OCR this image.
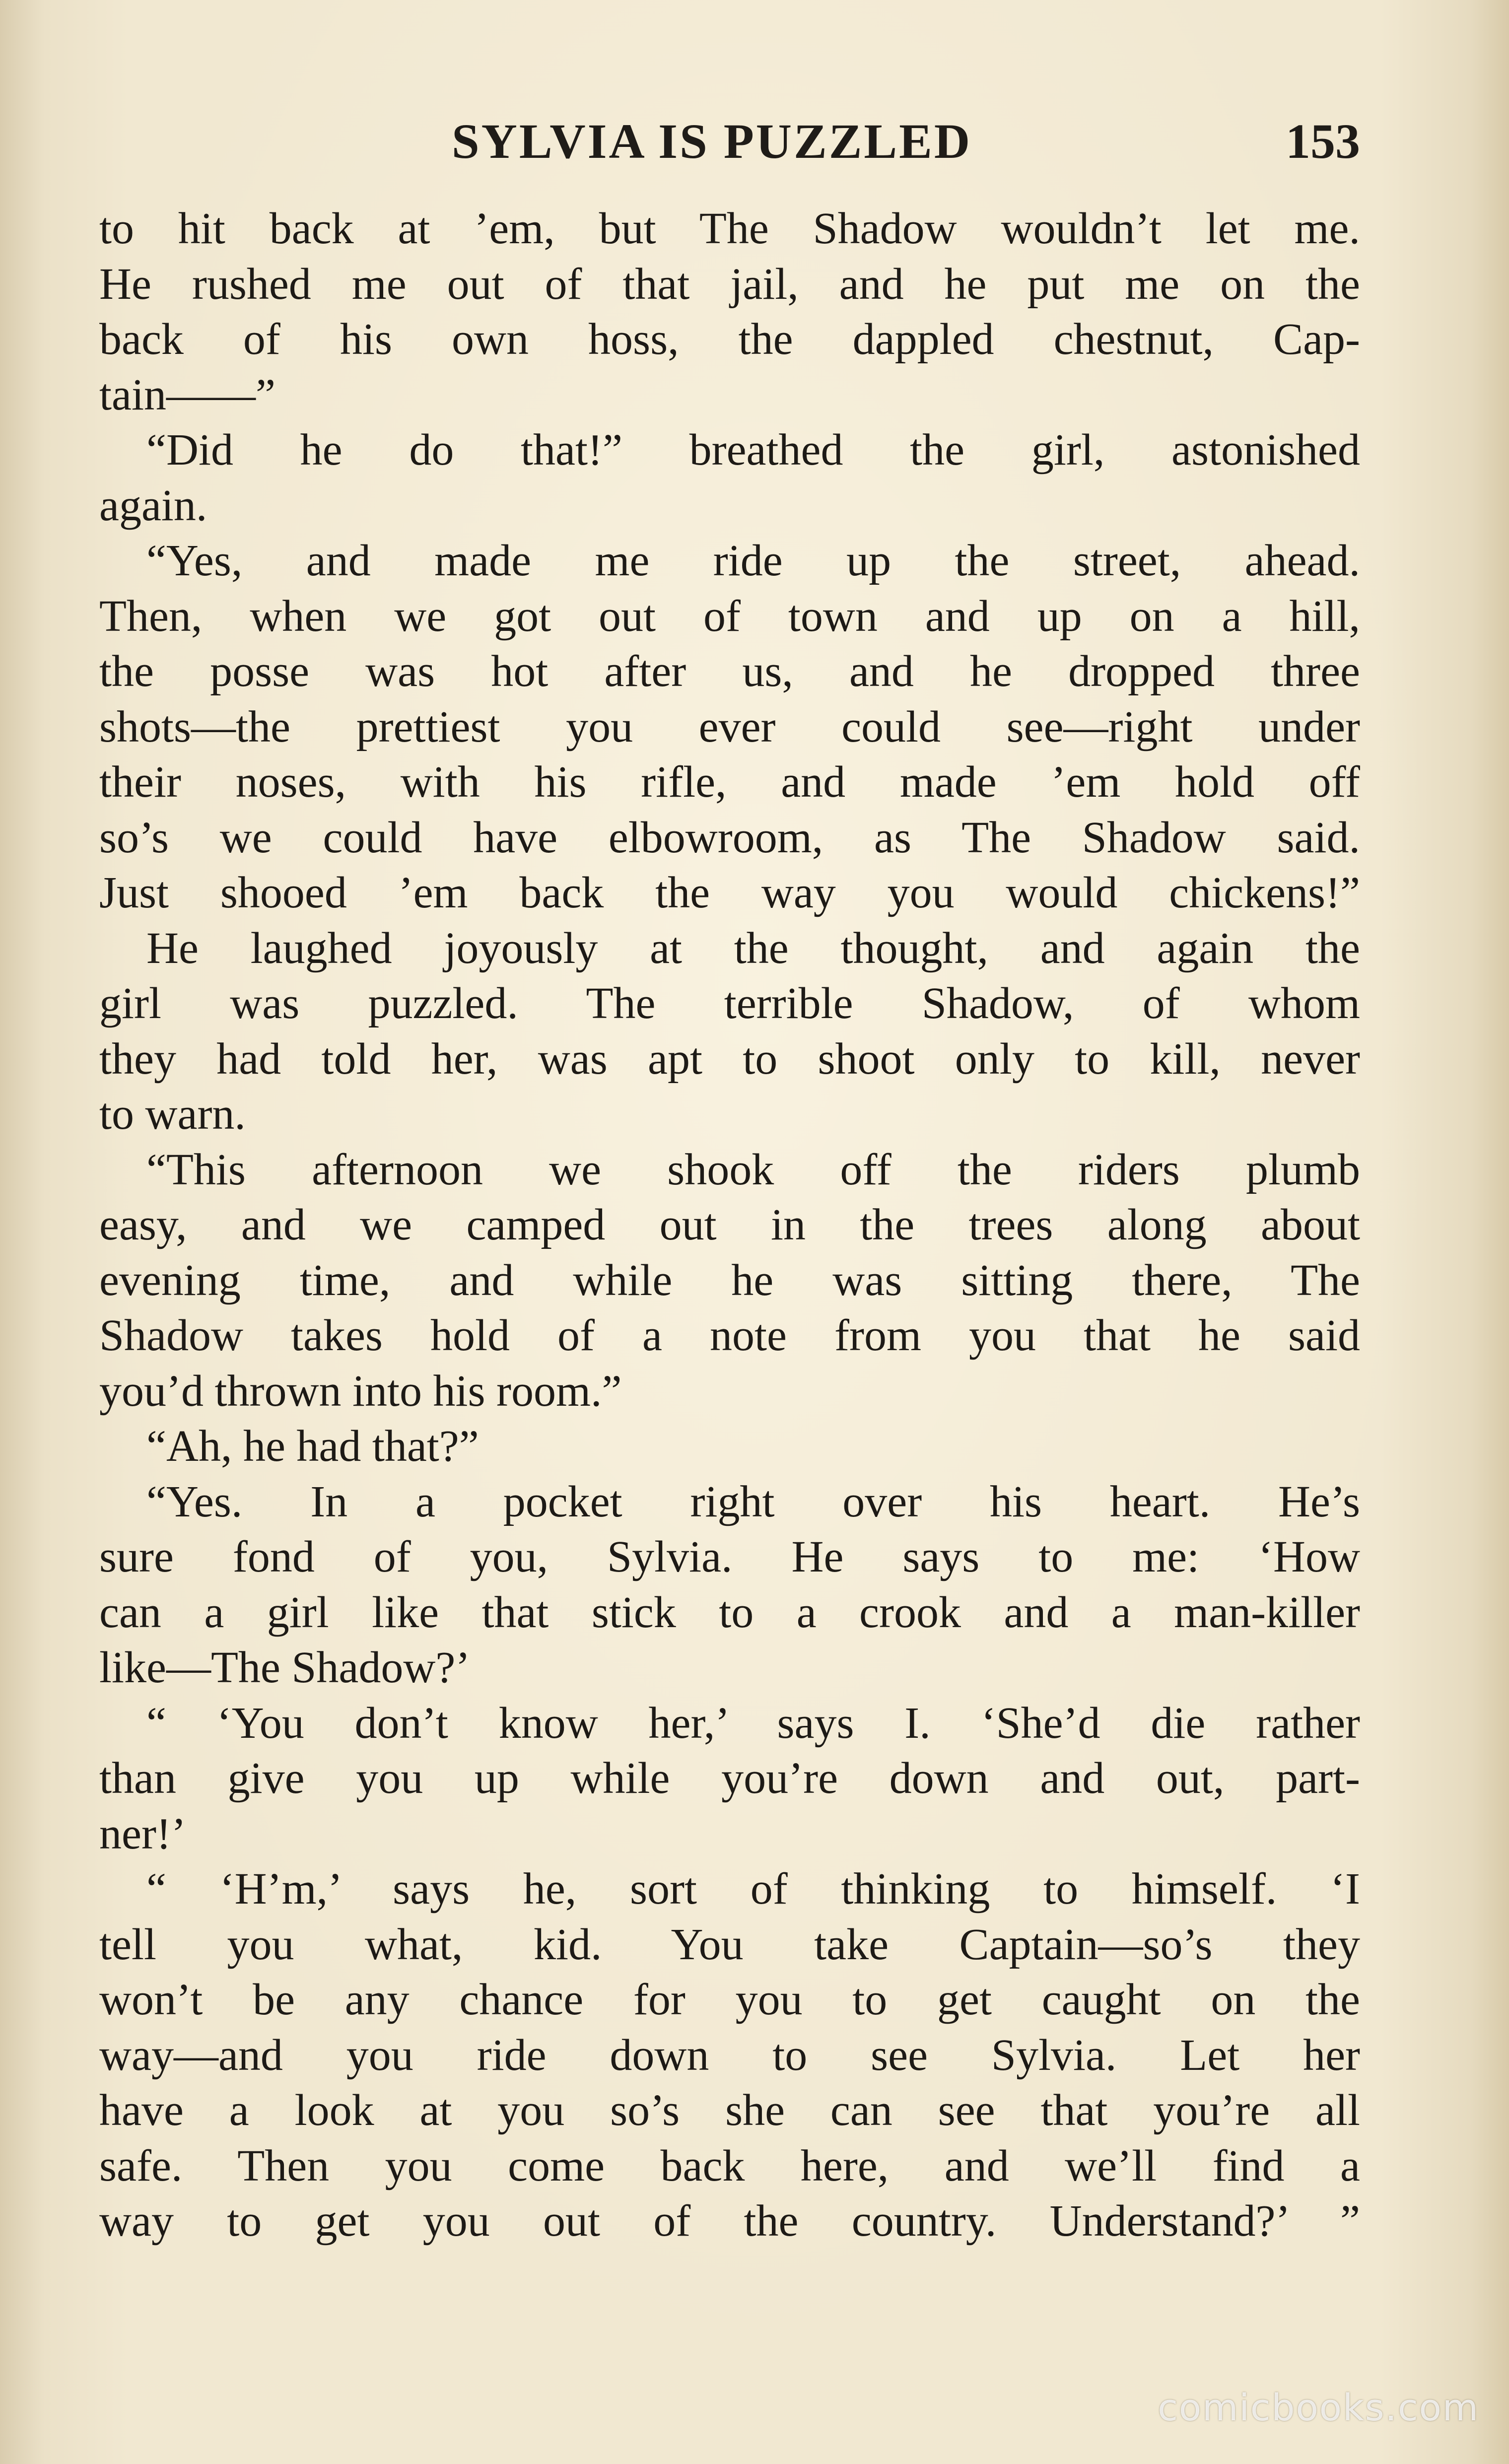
SYLVIA IS PUZZLED	153
to hit back at ’em, but The Shadow wouldn’t let me.
He rushed me out of that jail, and he put me on the
back of his own hoss, the dappled chestnut, Cap-
tain——”
“Did he do that!” breathed the girl, astonished
again.
“Yes, and made me ride up the street, ahead.
Then, when we got out of town and up on a hill,
the posse was hot after us, and he dropped three
shots—the prettiest you ever could see—right under
their noses, with his rifle, and made ’em hold off
so’s we could have elbowroom, as The Shadow said.
Just shooed ’em back the way you would chickens!”
He laughed joyously at the thought, and again the
girl was puzzled. The terrible Shadow, of whom
they had told her, was apt to shoot only to kill, never
to warn.
“This afternoon we shook off the riders plumb
easy, and we camped out in the trees along about
evening time, and while he was sitting there, The
Shadow takes hold of a note from you that he said
you’d thrown into his room.”
“Ah, he had that?”
“Yes. In a pocket right over his heart. He’s
sure fond of you, Sylvia. He says to me: ‘How
can a girl like that stick to a crook and a man-killer
like—The Shadow?’
“ ‘You don’t know her,’ says I. ‘She’d die rather
than give you up while you’re down and out, part-
ner!’
“ ‘H’m,’ says he, sort of thinking to himself. ‘I
tell you what, kid. You take Captain—so’s they
won’t be any chance for you to get caught on the
way—and you ride down to see Sylvia. Let her
have a look at you so’s she can see that you’re all
safe. Then you come back here, and we’ll find a
way to get you out of the country. Understand?’ ”
comicbooks.com
